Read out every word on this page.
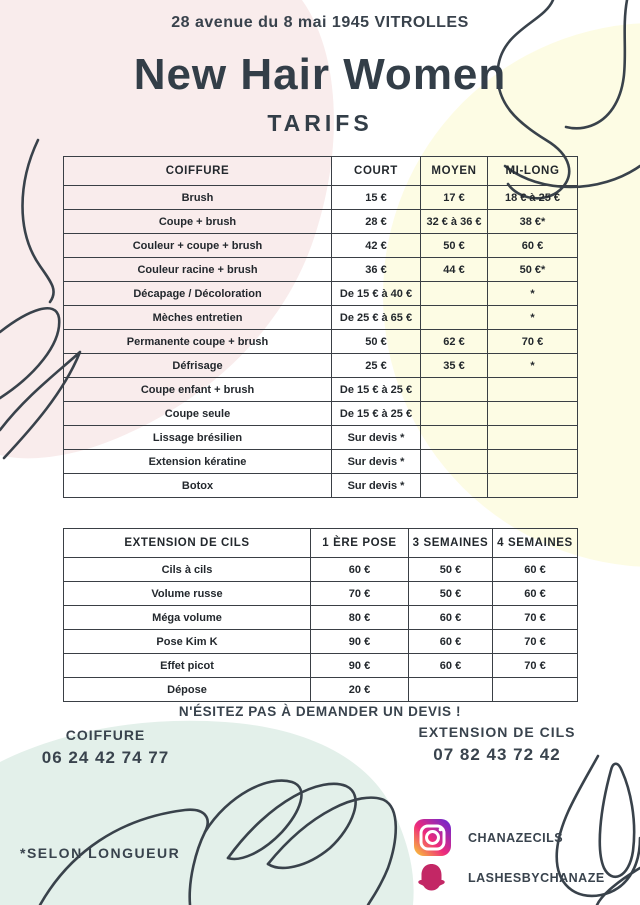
28 avenue du 8 mai 1945 VITROLLES
New Hair Women
TARIFS
COIFFURE	COURT	MOYEN	MI-LONG
Brush	15 €	17 €	18 € à 25 €
Coupe + brush	28 €	32 € à 36 €	38 €*
Couleur + coupe + brush	42 €	50 €	60 €
Couleur racine + brush	36 €	44 €	50 €*
Décapage / Décoloration	De 15 € à 40 €		*
Mèches entretien	De 25 € à 65 €		*
Permanente coupe + brush	50 €	62 €	70 €
Défrisage	25 €	35 €	*
Coupe enfant + brush	De 15 € à 25 €		
Coupe seule	De 15 € à 25 €		
Lissage brésilien	Sur devis *		
Extension kératine	Sur devis *		
Botox	Sur devis *		
EXTENSION DE CILS	1 ÈRE POSE	3 SEMAINES	4 SEMAINES
Cils à cils	60 €	50 €	60 €
Volume russe	70 €	50 €	60 €
Méga volume	80 €	60 €	70 €
Pose Kim K	90 €	60 €	70 €
Effet picot	90 €	60 €	70 €
Dépose	20 €		
N'ÉSITEZ PAS À DEMANDER UN DEVIS !
COIFFURE
06 24 42 74 77
EXTENSION DE CILS
07 82 43 72 42
CHANAZECILS
LASHESBYCHANAZE
*SELON LONGUEUR
